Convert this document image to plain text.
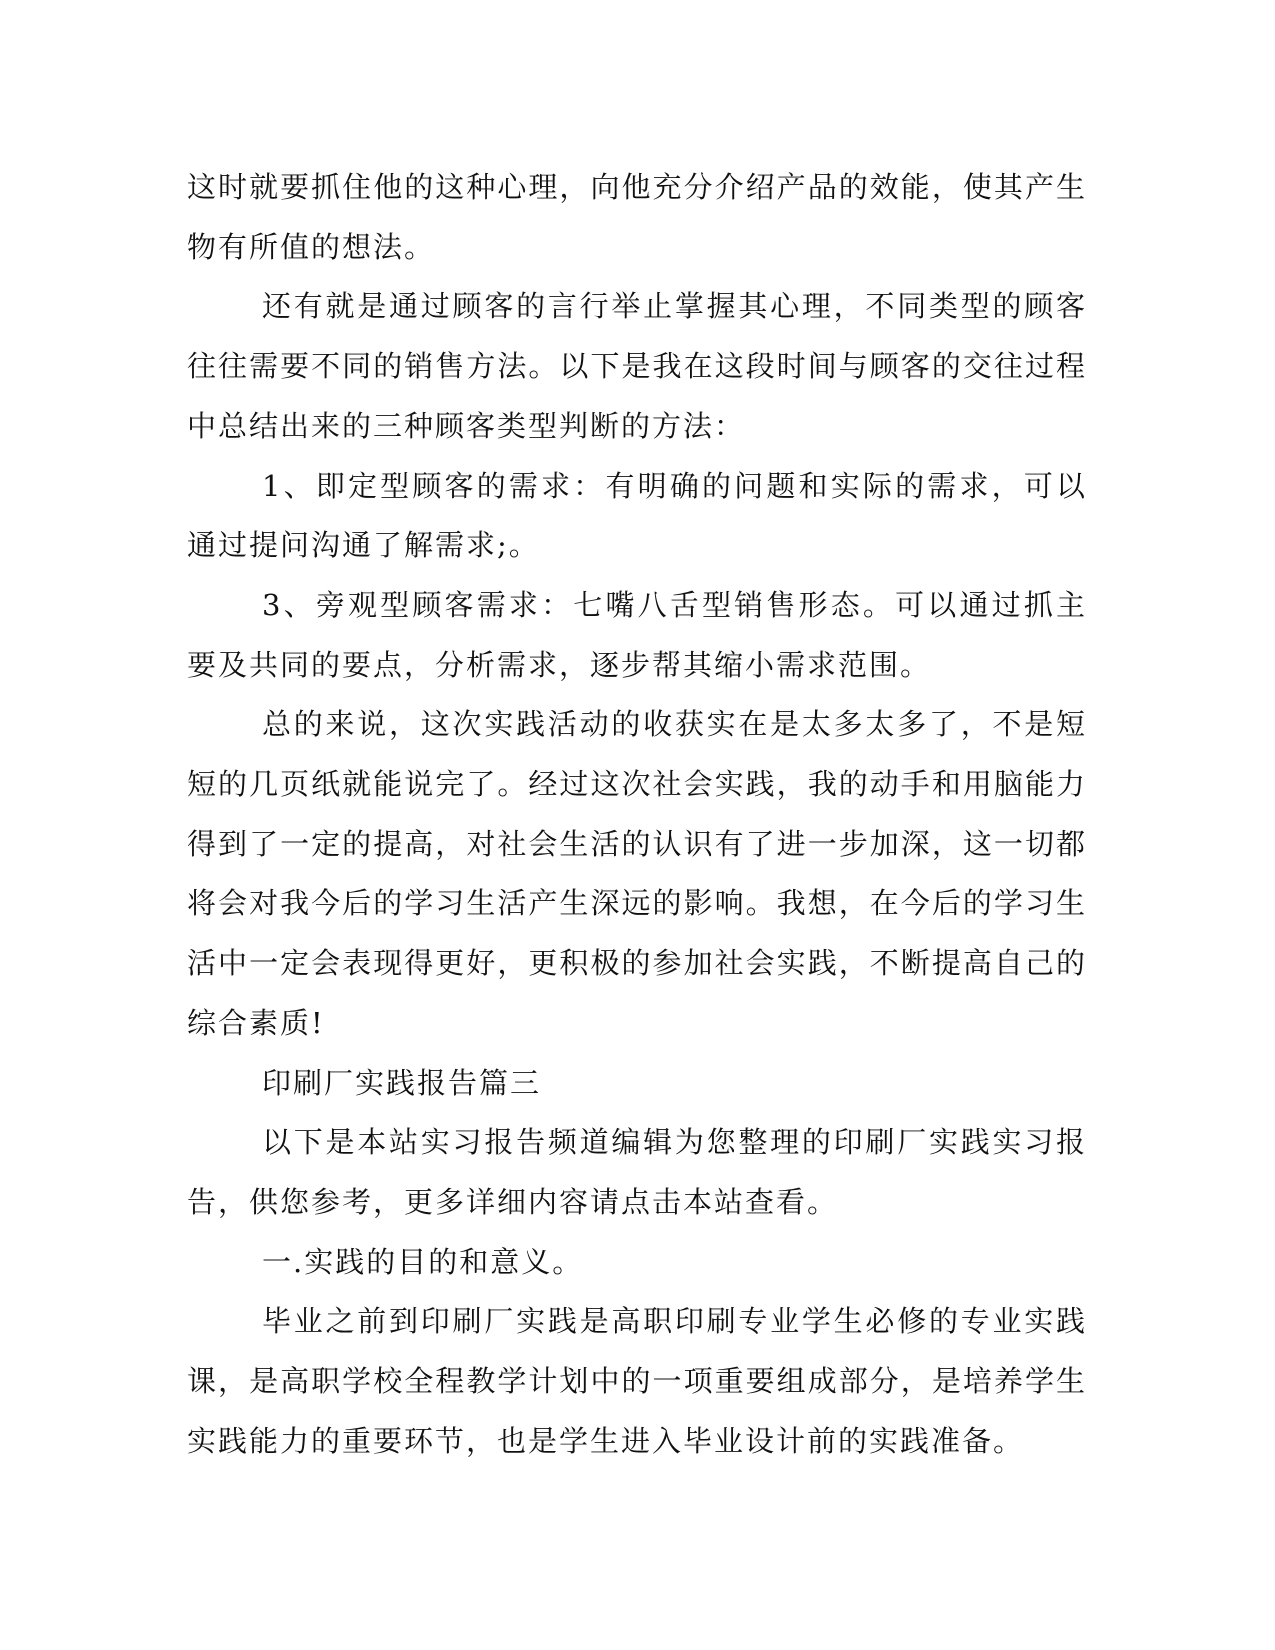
这时就要抓住他的这种心理，向他充分介绍产品的效能，使其产生物有所值的想法。

还有就是通过顾客的言行举止掌握其心理，不同类型的顾客往往需要不同的销售方法。以下是我在这段时间与顾客的交往过程中总结出来的三种顾客类型判断的方法：

1、即定型顾客的需求：有明确的问题和实际的需求，可以通过提问沟通了解需求;。

3、旁观型顾客需求：七嘴八舌型销售形态。可以通过抓主要及共同的要点，分析需求，逐步帮其缩小需求范围。

总的来说，这次实践活动的收获实在是太多太多了，不是短短的几页纸就能说完了。经过这次社会实践，我的动手和用脑能力得到了一定的提高，对社会生活的认识有了进一步加深，这一切都将会对我今后的学习生活产生深远的影响。我想，在今后的学习生活中一定会表现得更好，更积极的参加社会实践，不断提高自己的综合素质!

印刷厂实践报告篇三

以下是本站实习报告频道编辑为您整理的印刷厂实践实习报告，供您参考，更多详细内容请点击本站查看。

一.实践的目的和意义。

毕业之前到印刷厂实践是高职印刷专业学生必修的专业实践课，是高职学校全程教学计划中的一项重要组成部分，是培养学生实践能力的重要环节，也是学生进入毕业设计前的实践准备。
